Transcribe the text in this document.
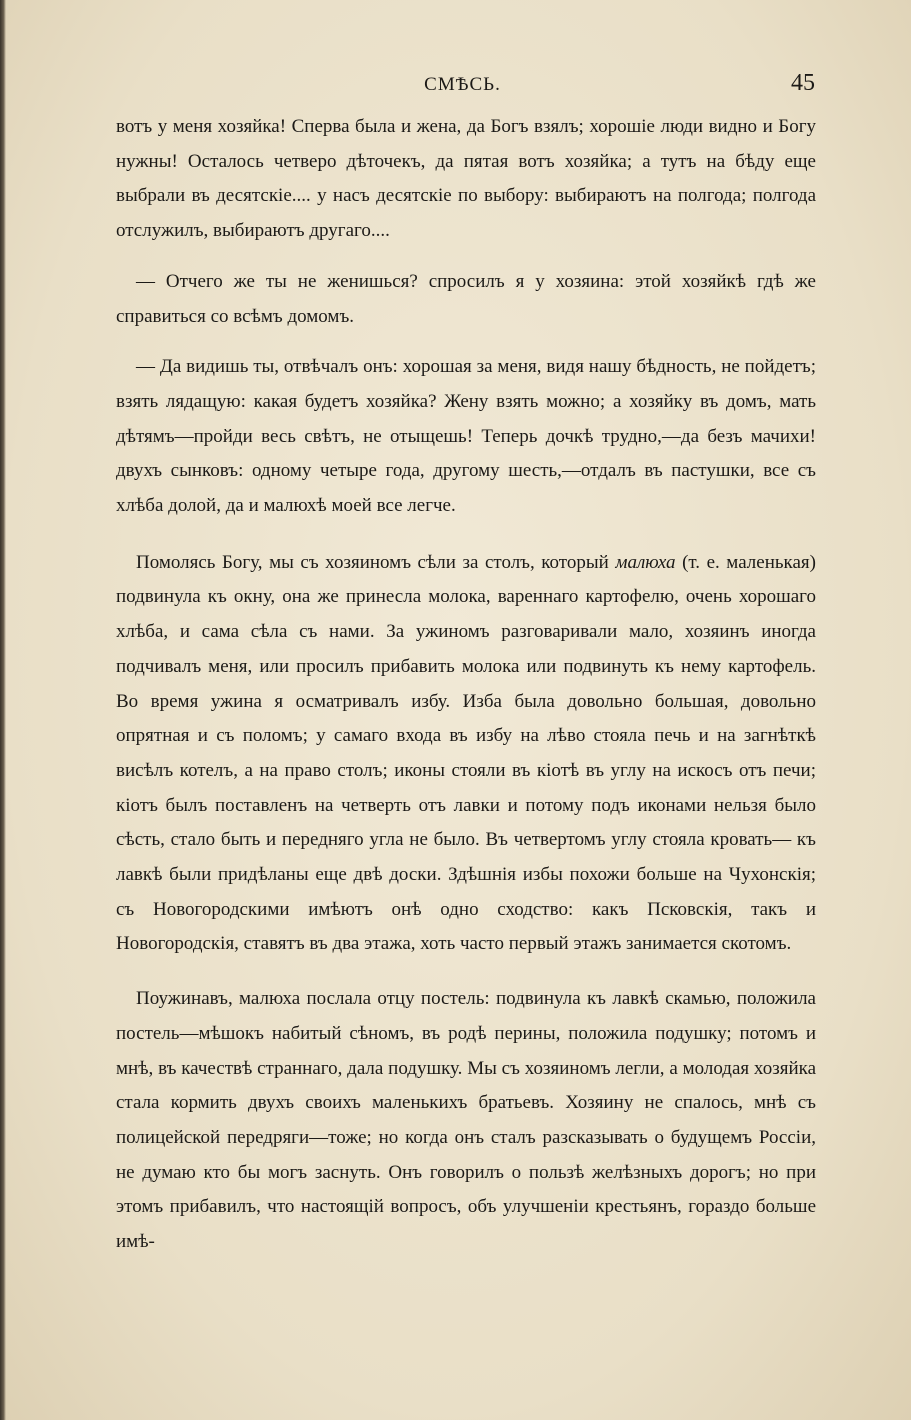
СМѢСЬ.	45

вотъ у меня хозяйка! Сперва была и жена, да Богъ взялъ; хорошіе люди видно и Богу нужны! Осталось четверо дѣточекъ, да пятая вотъ хозяйка; а тутъ на бѣду еще выбрали въ десятскіе.... у насъ десятскіе по выбору: выбираютъ на полгода; полгода отслужилъ, выбираютъ другаго....

— Отчего же ты не женишься? спросилъ я у хозяина: этой хозяйкѣ гдѣ же справиться со всѣмъ домомъ.

— Да видишь ты, отвѣчалъ онъ: хорошая за меня, видя нашу бѣдность, не пойдетъ; взять лядащую: какая будетъ хозяйка? Жену взять можно; а хозяйку въ домъ, мать дѣтямъ—пройди весь свѣтъ, не отыщешь! Теперь дочкѣ трудно,—да безъ мачихи! двухъ сынковъ: одному четыре года, другому шесть,—отдалъ въ пастушки, все съ хлѣба долой, да и малюхѣ моей все легче.

Помолясь Богу, мы съ хозяиномъ сѣли за столъ, который малюха (т. е. маленькая) подвинула къ окну, она же принесла молока, вареннаго картофелю, очень хорошаго хлѣба, и сама сѣла съ нами. За ужиномъ разговаривали мало, хозяинъ иногда подчивалъ меня, или просилъ прибавить молока или подвинуть къ нему картофель. Во время ужина я осматривалъ избу. Изба была довольно большая, довольно опрятная и съ поломъ; у самаго входа въ избу на лѣво стояла печь и на загнѣткѣ висѣлъ котелъ, а на право столъ; иконы стояли въ кіотѣ въ углу на искосъ отъ печи; кіотъ былъ поставленъ на четверть отъ лавки и потому подъ иконами нельзя было сѣсть, стало быть и передняго угла не было. Въ четвертомъ углу стояла кровать— къ лавкѣ были придѣланы еще двѣ доски. Здѣшнія избы похожи больше на Чухонскія; съ Новогородскими имѣютъ онѣ одно сходство: какъ Псковскія, такъ и Новогородскія, ставятъ въ два этажа, хоть часто первый этажъ занимается скотомъ.

Поужинавъ, малюха послала отцу постель: подвинула къ лавкѣ скамью, положила постель—мѣшокъ набитый сѣномъ, въ родѣ перины, положила подушку; потомъ и мнѣ, въ качествѣ страннаго, дала подушку. Мы съ хозяиномъ легли, а молодая хозяйка стала кормить двухъ своихъ маленькихъ братьевъ. Хозяину не спалось, мнѣ съ полицейской передряги—тоже; но когда онъ сталъ разсказывать о будущемъ Россіи, не думаю кто бы могъ заснуть. Онъ говорилъ о пользѣ желѣзныхъ дорогъ; но при этомъ прибавилъ, что настоящій вопросъ, объ улучшеніи крестьянъ, гораздо больше имѣ-
